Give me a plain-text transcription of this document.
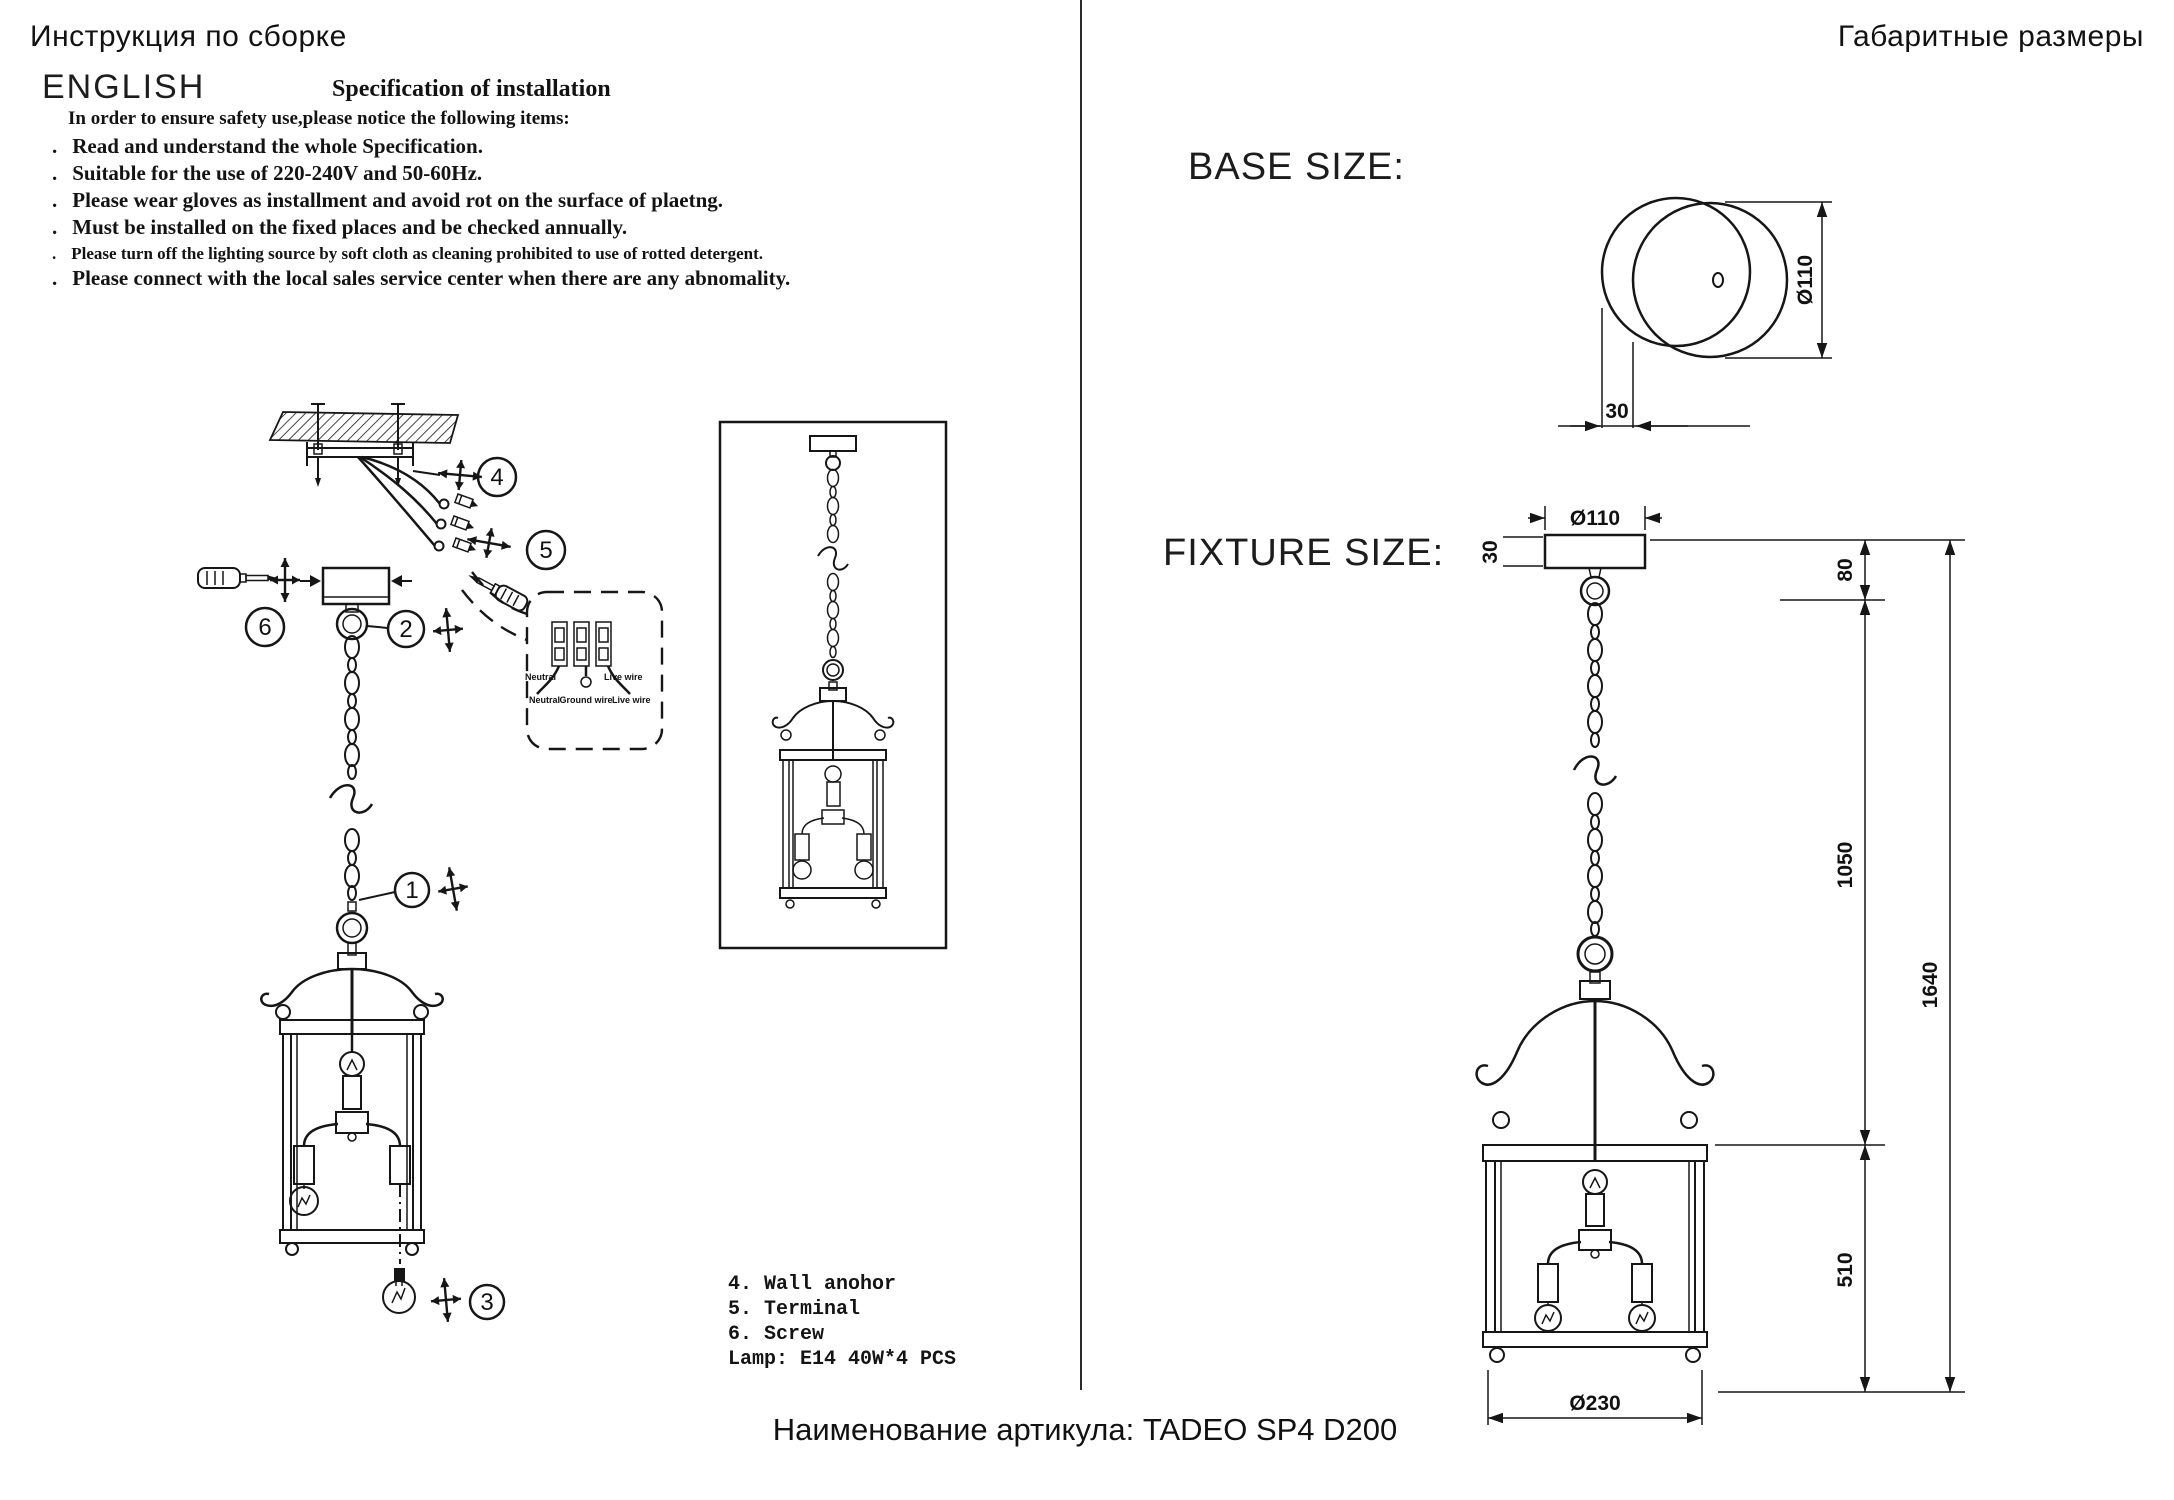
Инструкция по сборке	Габаритные размеры
ENGLISH	Specification of installation
In order to ensure safety use,please notice the following items:
. Read and understand the whole Specification.
. Suitable for the use of 220-240V and 50-60Hz.
. Please wear gloves as installment and avoid rot on the surface of plaetng.
. Must be installed on the fixed places and be checked annually.
. Please turn off the lighting source by soft cloth as cleaning prohibited to use of rotted detergent.
. Please connect with the local sales service center when there are any abnomality.
5
4
6	2
1
3
Neutral
Neutral Ground wire
Live wire
Live wire
4. Wall anohor
5. Terminal
6. Screw
Lamp: E14 40W*4 PCS
BASE SIZE:
Ø110
30
FIXTURE SIZE:
Ø110
30
Ø230
80
1050
510
1640
Наименование артикула: TADEO SP4 D200
